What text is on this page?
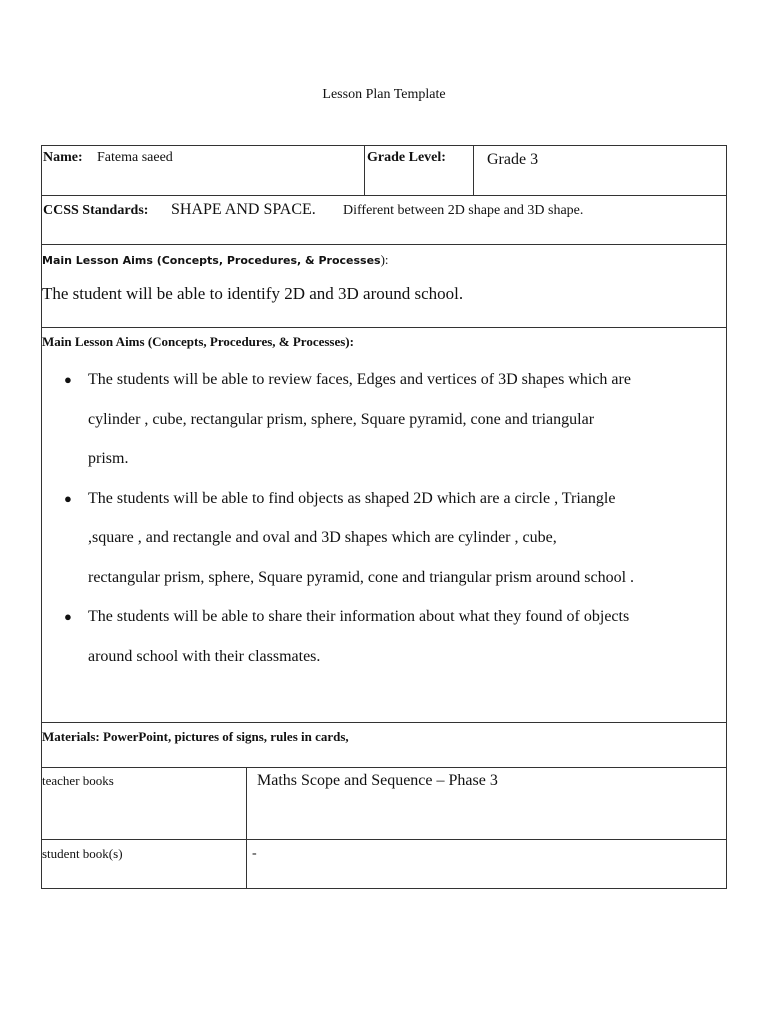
Lesson Plan Template
Name: Fatema saeed	Grade Level:	Grade 3
CCSS Standards: SHAPE AND SPACE. Different between 2D shape and 3D shape.
Main Lesson Aims (Concepts, Procedures, & Processes):
The student will be able to identify 2D and 3D around school.
Main Lesson Aims (Concepts, Procedures, & Processes):
● The students will be able to review faces, Edges and vertices of 3D shapes which are
cylinder , cube, rectangular prism, sphere, Square pyramid, cone and triangular
prism.
● The students will be able to find objects as shaped 2D which are a circle , Triangle
,square , and rectangle and oval and 3D shapes which are cylinder , cube,
rectangular prism, sphere, Square pyramid, cone and triangular prism around school .
● The students will be able to share their information about what they found of objects
around school with their classmates.
Materials: PowerPoint, pictures of signs, rules in cards,
teacher books	Maths Scope and Sequence – Phase 3
student book(s)	-
